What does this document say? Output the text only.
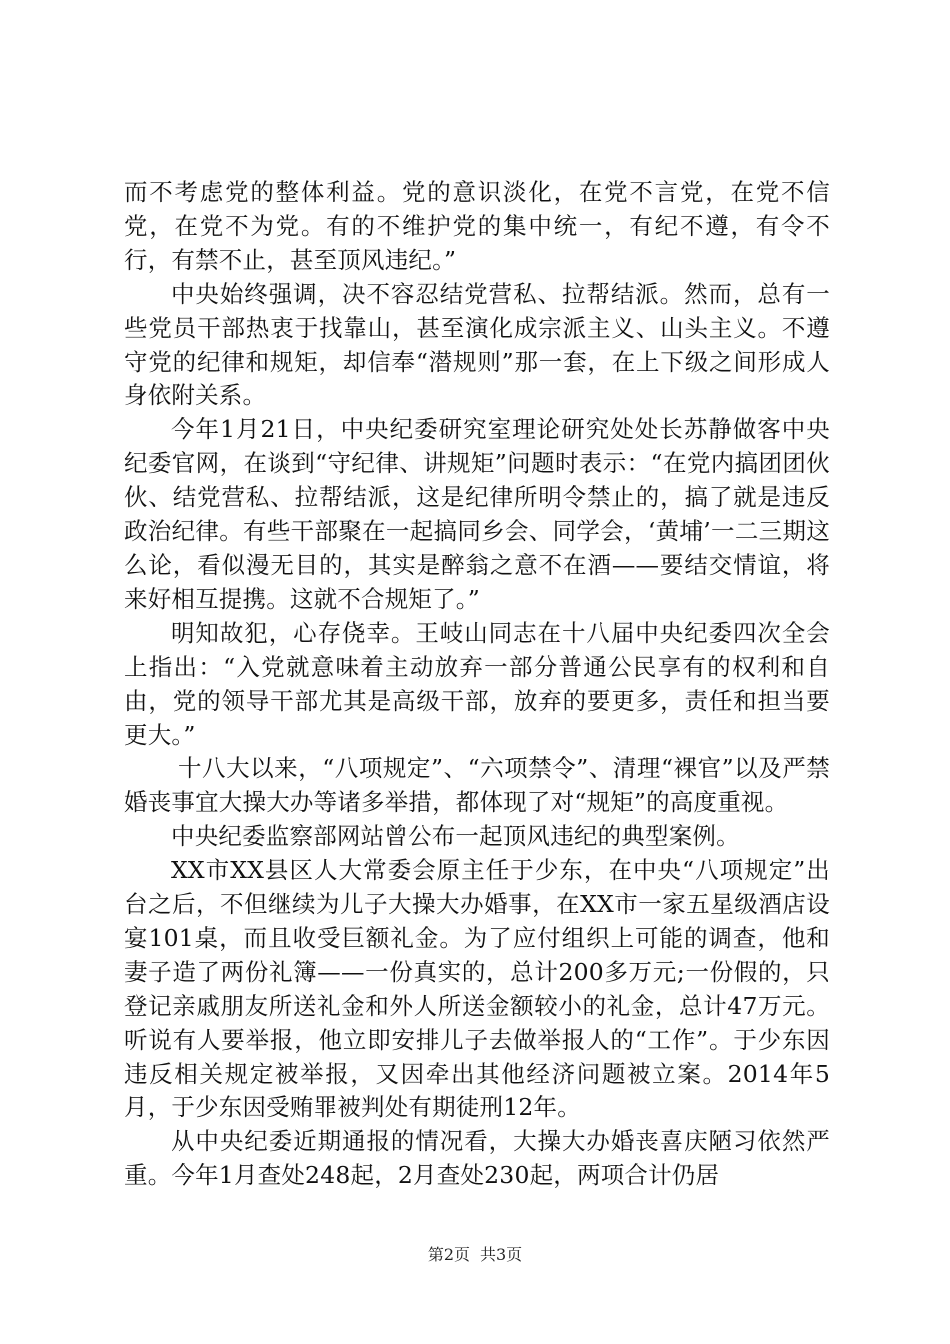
而不考虑党的整体利益。党的意识淡化，在党不言党，在党不信党，在党不为党。有的不维护党的集中统一，有纪不遵，有令不行，有禁不止，甚至顶风违纪。”

中央始终强调，决不容忍结党营私、拉帮结派。然而，总有一些党员干部热衷于找靠山，甚至演化成宗派主义、山头主义。不遵守党的纪律和规矩，却信奉“潜规则”那一套，在上下级之间形成人身依附关系。

今年1月21日，中央纪委研究室理论研究处处长苏静做客中央纪委官网，在谈到“守纪律、讲规矩”问题时表示：“在党内搞团团伙伙、结党营私、拉帮结派，这是纪律所明令禁止的，搞了就是违反政治纪律。有些干部聚在一起搞同乡会、同学会，‘黄埔’一二三期这么论，看似漫无目的，其实是醉翁之意不在酒——要结交情谊，将来好相互提携。这就不合规矩了。”

明知故犯，心存侥幸。王岐山同志在十八届中央纪委四次全会上指出：“入党就意味着主动放弃一部分普通公民享有的权利和自由，党的领导干部尤其是高级干部，放弃的要更多，责任和担当要更大。”

十八大以来，“八项规定”、“六项禁令”、清理“裸官”以及严禁婚丧事宜大操大办等诸多举措，都体现了对“规矩”的高度重视。

中央纪委监察部网站曾公布一起顶风违纪的典型案例。

XX市XX县区人大常委会原主任于少东，在中央“八项规定”出台之后，不但继续为儿子大操大办婚事，在XX市一家五星级酒店设宴101桌，而且收受巨额礼金。为了应付组织上可能的调查，他和妻子造了两份礼簿——一份真实的，总计200多万元;一份假的，只登记亲戚朋友所送礼金和外人所送金额较小的礼金，总计47万元。听说有人要举报，他立即安排儿子去做举报人的“工作”。于少东因违反相关规定被举报，又因牵出其他经济问题被立案。2014年5月，于少东因受贿罪被判处有期徒刑12年。

从中央纪委近期通报的情况看，大操大办婚丧喜庆陋习依然严重。今年1月查处248起，2月查处230起，两项合计仍居

第2页 共3页
